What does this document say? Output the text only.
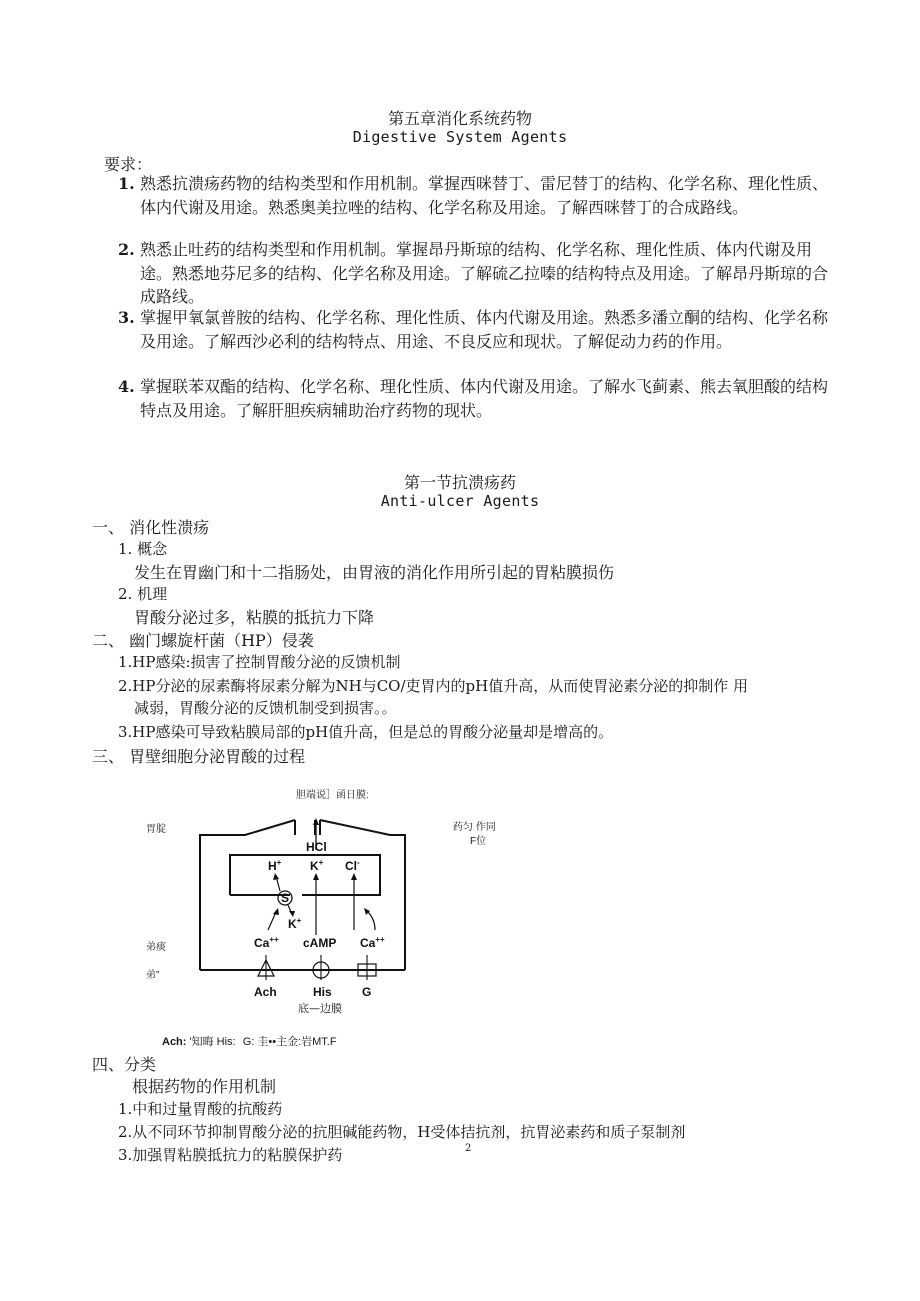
第五章消化系统药物
Digestive System Agents
要求：
1. 熟悉抗溃疡药物的结构类型和作用机制。掌握西咪替丁、雷尼替丁的结构、化学名称、理化性质、体内代谢及用途。熟悉奥美拉唑的结构、化学名称及用途。了解西咪替丁的合成路线。
2. 熟悉止吐药的结构类型和作用机制。掌握昂丹斯琼的结构、化学名称、理化性质、体内代谢及用途。熟悉地芬尼多的结构、化学名称及用途。了解硫乙拉嗪的结构特点及用途。了解昂丹斯琼的合成路线。
3. 掌握甲氧氯普胺的结构、化学名称、理化性质、体内代谢及用途。熟悉多潘立酮的结构、化学名称及用途。了解西沙必利的结构特点、用途、不良反应和现状。了解促动力药的作用。
4. 掌握联苯双酯的结构、化学名称、理化性质、体内代谢及用途。了解水飞蓟素、熊去氧胆酸的结构特点及用途。了解肝胆疾病辅助治疗药物的现状。
第一节抗溃疡药
Anti-ulcer Agents
一、 消化性溃疡
1. 概念
发生在胃幽门和十二指肠处，由胃液的消化作用所引起的胃粘膜损伤
2. 机理
胃酸分泌过多，粘膜的抵抗力下降
二、 幽门螺旋杆菌（HP）侵袭
1.HP感染:损害了控制胃酸分泌的反馈机制
2.HP分泌的尿素酶将尿素分解为NH与CO/吏胃内的pH值升高，从而使胃泌素分泌的抑制作 用
减弱，胃酸分泌的反馈机制受到损害。。
3.HP感染可导致粘膜局部的pH值升高，但是总的胃酸分泌量却是增高的。
三、 胃壁细胞分泌胃酸的过程
胆端说］函日膜:
胃腚	药匀 作同
F位
弟痰
弟”
HCl
H+ K+ Cl-
S
K+
Ca++ cAMP Ca++
Ach	His	G
底—边膜
Ach: '知晦 His: G: 圭••主金:岩MT.F
四、分类
根据药物的作用机制
1.中和过量胃酸的抗酸药
2.从不同环节抑制胃酸分泌的抗胆碱能药物，H受体拮抗剂，抗胃泌素药和质子泵制剂
3.加强胃粘膜抵抗力的粘膜保护药	2
